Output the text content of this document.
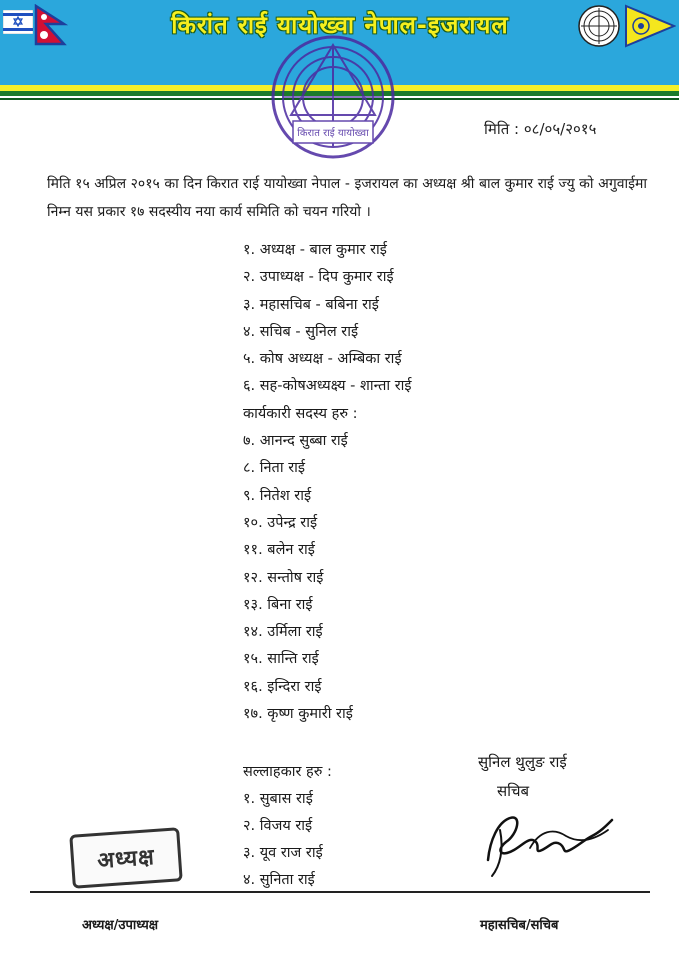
किरांत राई यायोख्वा नेपाल-इजरायल
किरात राई यायोख्वा	मिति : ०८/०५/२०१५
मिति १५ अप्रिल २०१५ का दिन किरात राई यायोख्वा नेपाल - इजरायल का अध्यक्ष श्री बाल कुमार राई ज्यु को अगुवाईमा निम्न यस प्रकार १७ सदस्यीय नया कार्य समिति को चयन गरियो ।
१. अध्यक्ष - बाल कुमार राई
२. उपाध्यक्ष - दिप कुमार राई
३. महासचिब - बबिना राई
४. सचिब - सुनिल राई
५. कोष अध्यक्ष - अम्बिका राई
६. सह-कोषअध्यक्ष्य - शान्ता राई
कार्यकारी सदस्य हरु :
७. आनन्द सुब्बा राई
८. निता राई
९. नितेश राई
१०. उपेन्द्र राई
११. बलेन राई
१२. सन्तोष राई
१३. बिना राई
१४. उर्मिला राई
१५. सान्ति राई
१६. इन्दिरा राई
१७. कृष्ण कुमारी राई
सल्लाहकार हरु :
१. सुबास राई
२. विजय राई
३. यूव राज राई
४. सुनिता राई
सुनिल थुलुङ राई
सचिब
अध्यक्ष
अध्यक्ष/उपाध्यक्ष	महासचिब/सचिब
